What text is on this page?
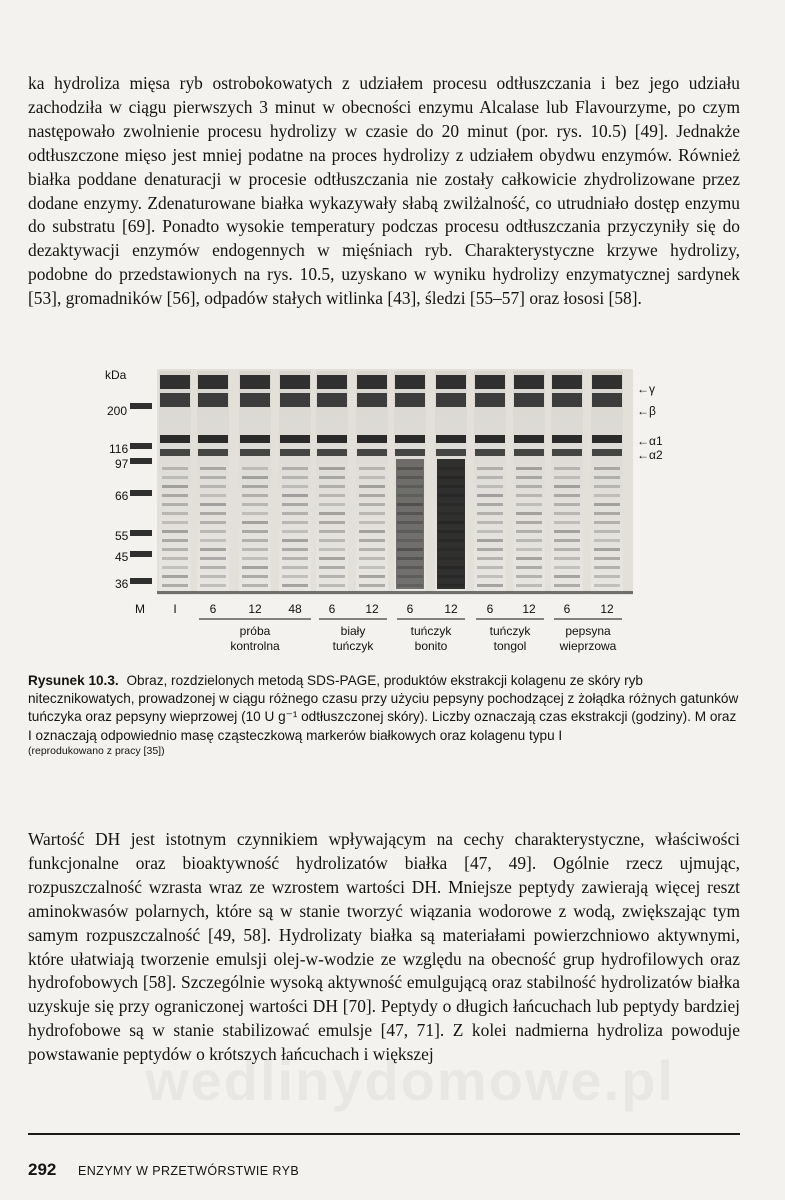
ka hydroliza mięsa ryb ostrobokowatych z udziałem procesu odtłuszczania i bez jego udziału zachodziła w ciągu pierwszych 3 minut w obecności enzymu Alcalase lub Flavourzyme, po czym następowało zwolnienie procesu hydrolizy w czasie do 20 minut (por. rys. 10.5) [49]. Jednakże odtłuszczone mięso jest mniej podatne na proces hydrolizy z udziałem obydwu enzymów. Również białka poddane denaturacji w procesie odtłuszczania nie zostały całkowicie zhydrolizowane przez dodane enzymy. Zdenaturowane białka wykazywały słabą zwilżalność, co utrudniało dostęp enzymu do substratu [69]. Ponadto wysokie temperatury podczas procesu odtłuszczania przyczyniły się do dezaktywacji enzymów endogennych w mięśniach ryb. Charakterystyczne krzywe hydrolizy, podobne do przedstawionych na rys. 10.5, uzyskano w wyniku hydrolizy enzymatycznej sardynek [53], gromadników [56], odpadów stałych witlinka [43], śledzi [55–57] oraz łososi [58].

kDa
200
116
97
66
55
45
36
←γ
←β
←α1
←α2
M I	6	12 48 6 12 6	12 6 12 6 12
próba
kontrolna
biały
tuńczyk
tuńczyk
bonito
tuńczyk
tongol
pepsyna
wieprzowa

Rysunek 10.3. Obraz, rozdzielonych metodą SDS-PAGE, produktów ekstrakcji kolagenu ze skóry ryb nitecznikowatych, prowadzonej w ciągu różnego czasu przy użyciu pepsyny pochodzącej z żołądka różnych gatunków tuńczyka oraz pepsyny wieprzowej (10 U g⁻¹ odtłuszczonej skóry). Liczby oznaczają czas ekstrakcji (godziny). M oraz I oznaczają odpowiednio masę cząsteczkową markerów białkowych oraz kolagenu typu I
(reprodukowano z pracy [35])

Wartość DH jest istotnym czynnikiem wpływającym na cechy charakterystyczne, właściwości funkcjonalne oraz bioaktywność hydrolizatów białka [47, 49]. Ogólnie rzecz ujmując, rozpuszczalność wzrasta wraz ze wzrostem wartości DH. Mniejsze peptydy zawierają więcej reszt aminokwasów polarnych, które są w stanie tworzyć wiązania wodorowe z wodą, zwiększając tym samym rozpuszczalność [49, 58]. Hydrolizaty białka są materiałami powierzchniowo aktywnymi, które ułatwiają tworzenie emulsji olej-w-wodzie ze względu na obecność grup hydrofilowych oraz hydrofobowych [58]. Szczególnie wysoką aktywność emulgującą oraz stabilność hydrolizatów białka uzyskuje się przy ograniczonej wartości DH [70]. Peptydy o długich łańcuchach lub peptydy bardziej hydrofobowe są w stanie stabilizować emulsje [47, 71]. Z kolei nadmierna hydroliza powoduje powstawanie peptydów o krótszych łańcuchach i większej

292 ENZYMY W PRZETWÓRSTWIE RYB
